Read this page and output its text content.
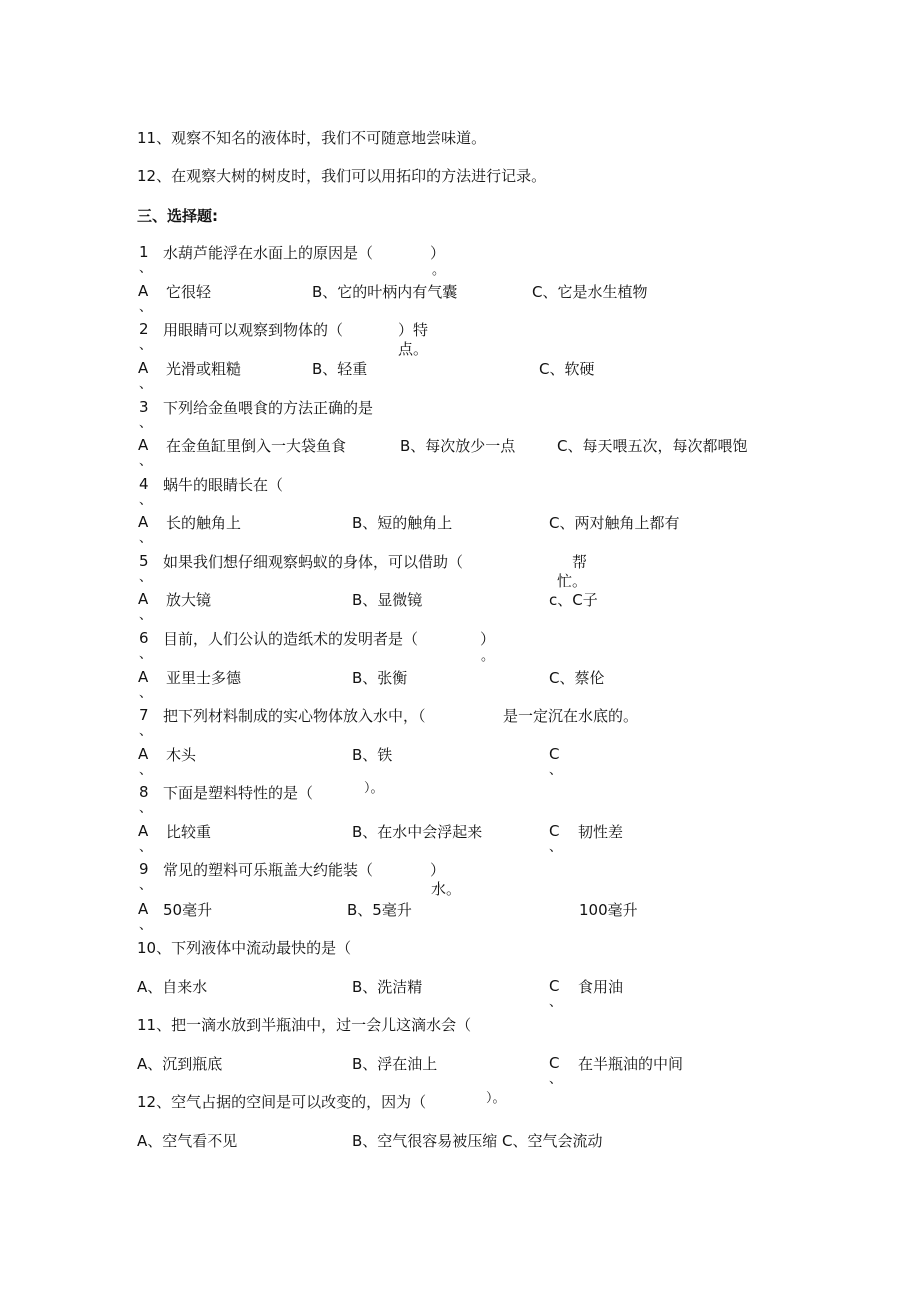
11、观察不知名的液体时，我们不可随意地尝味道。
12、在观察大树的树皮时，我们可以用拓印的方法进行记录。
三、选择题:
1
、
水葫芦能浮在水面上的原因是（	）
。
A
、
它很轻	B、它的叶柄内有气囊	C、它是水生植物
2
、
用眼睛可以观察到物体的（	）特
点。
A
、
光滑或粗糙	B、轻重	C、软硬
3
、
下列给金鱼喂食的方法正确的是
A
、
在金鱼缸里倒入一大袋鱼食	B、每次放少一点	C、每天喂五次，每次都喂饱
4
、
蜗牛的眼睛长在（
A
、
长的触角上	B、短的触角上	C、两对触角上都有
5
、
如果我们想仔细观察蚂蚁的身体，可以借助（	帮
忙。
A
、
放大镜	B、显微镜	c、C子
6
、
目前，人们公认的造纸术的发明者是（	）
。
A
、
亚里士多德	B、张衡	C、蔡伦
7
、
把下列材料制成的实心物体放入水中，（	是一定沉在水底的。
A
、
木头	B、铁	C
、
8
、
下面是塑料特性的是（	）。
A
、
比较重	B、在水中会浮起来	C
、
韧性差
9
、
常见的塑料可乐瓶盖大约能装（	）
水。
A
、
50毫升	B、5毫升	100毫升
10、下列液体中流动最快的是（
A、自来水	B、洗洁精	C
、
食用油
11、把一滴水放到半瓶油中，过一会儿这滴水会（
A、沉到瓶底	B、浮在油上	C
、
在半瓶油的中间
12、空气占据的空间是可以改变的，因为（	）。
A、空气看不见	B、空气很容易被压缩 C、空气会流动
